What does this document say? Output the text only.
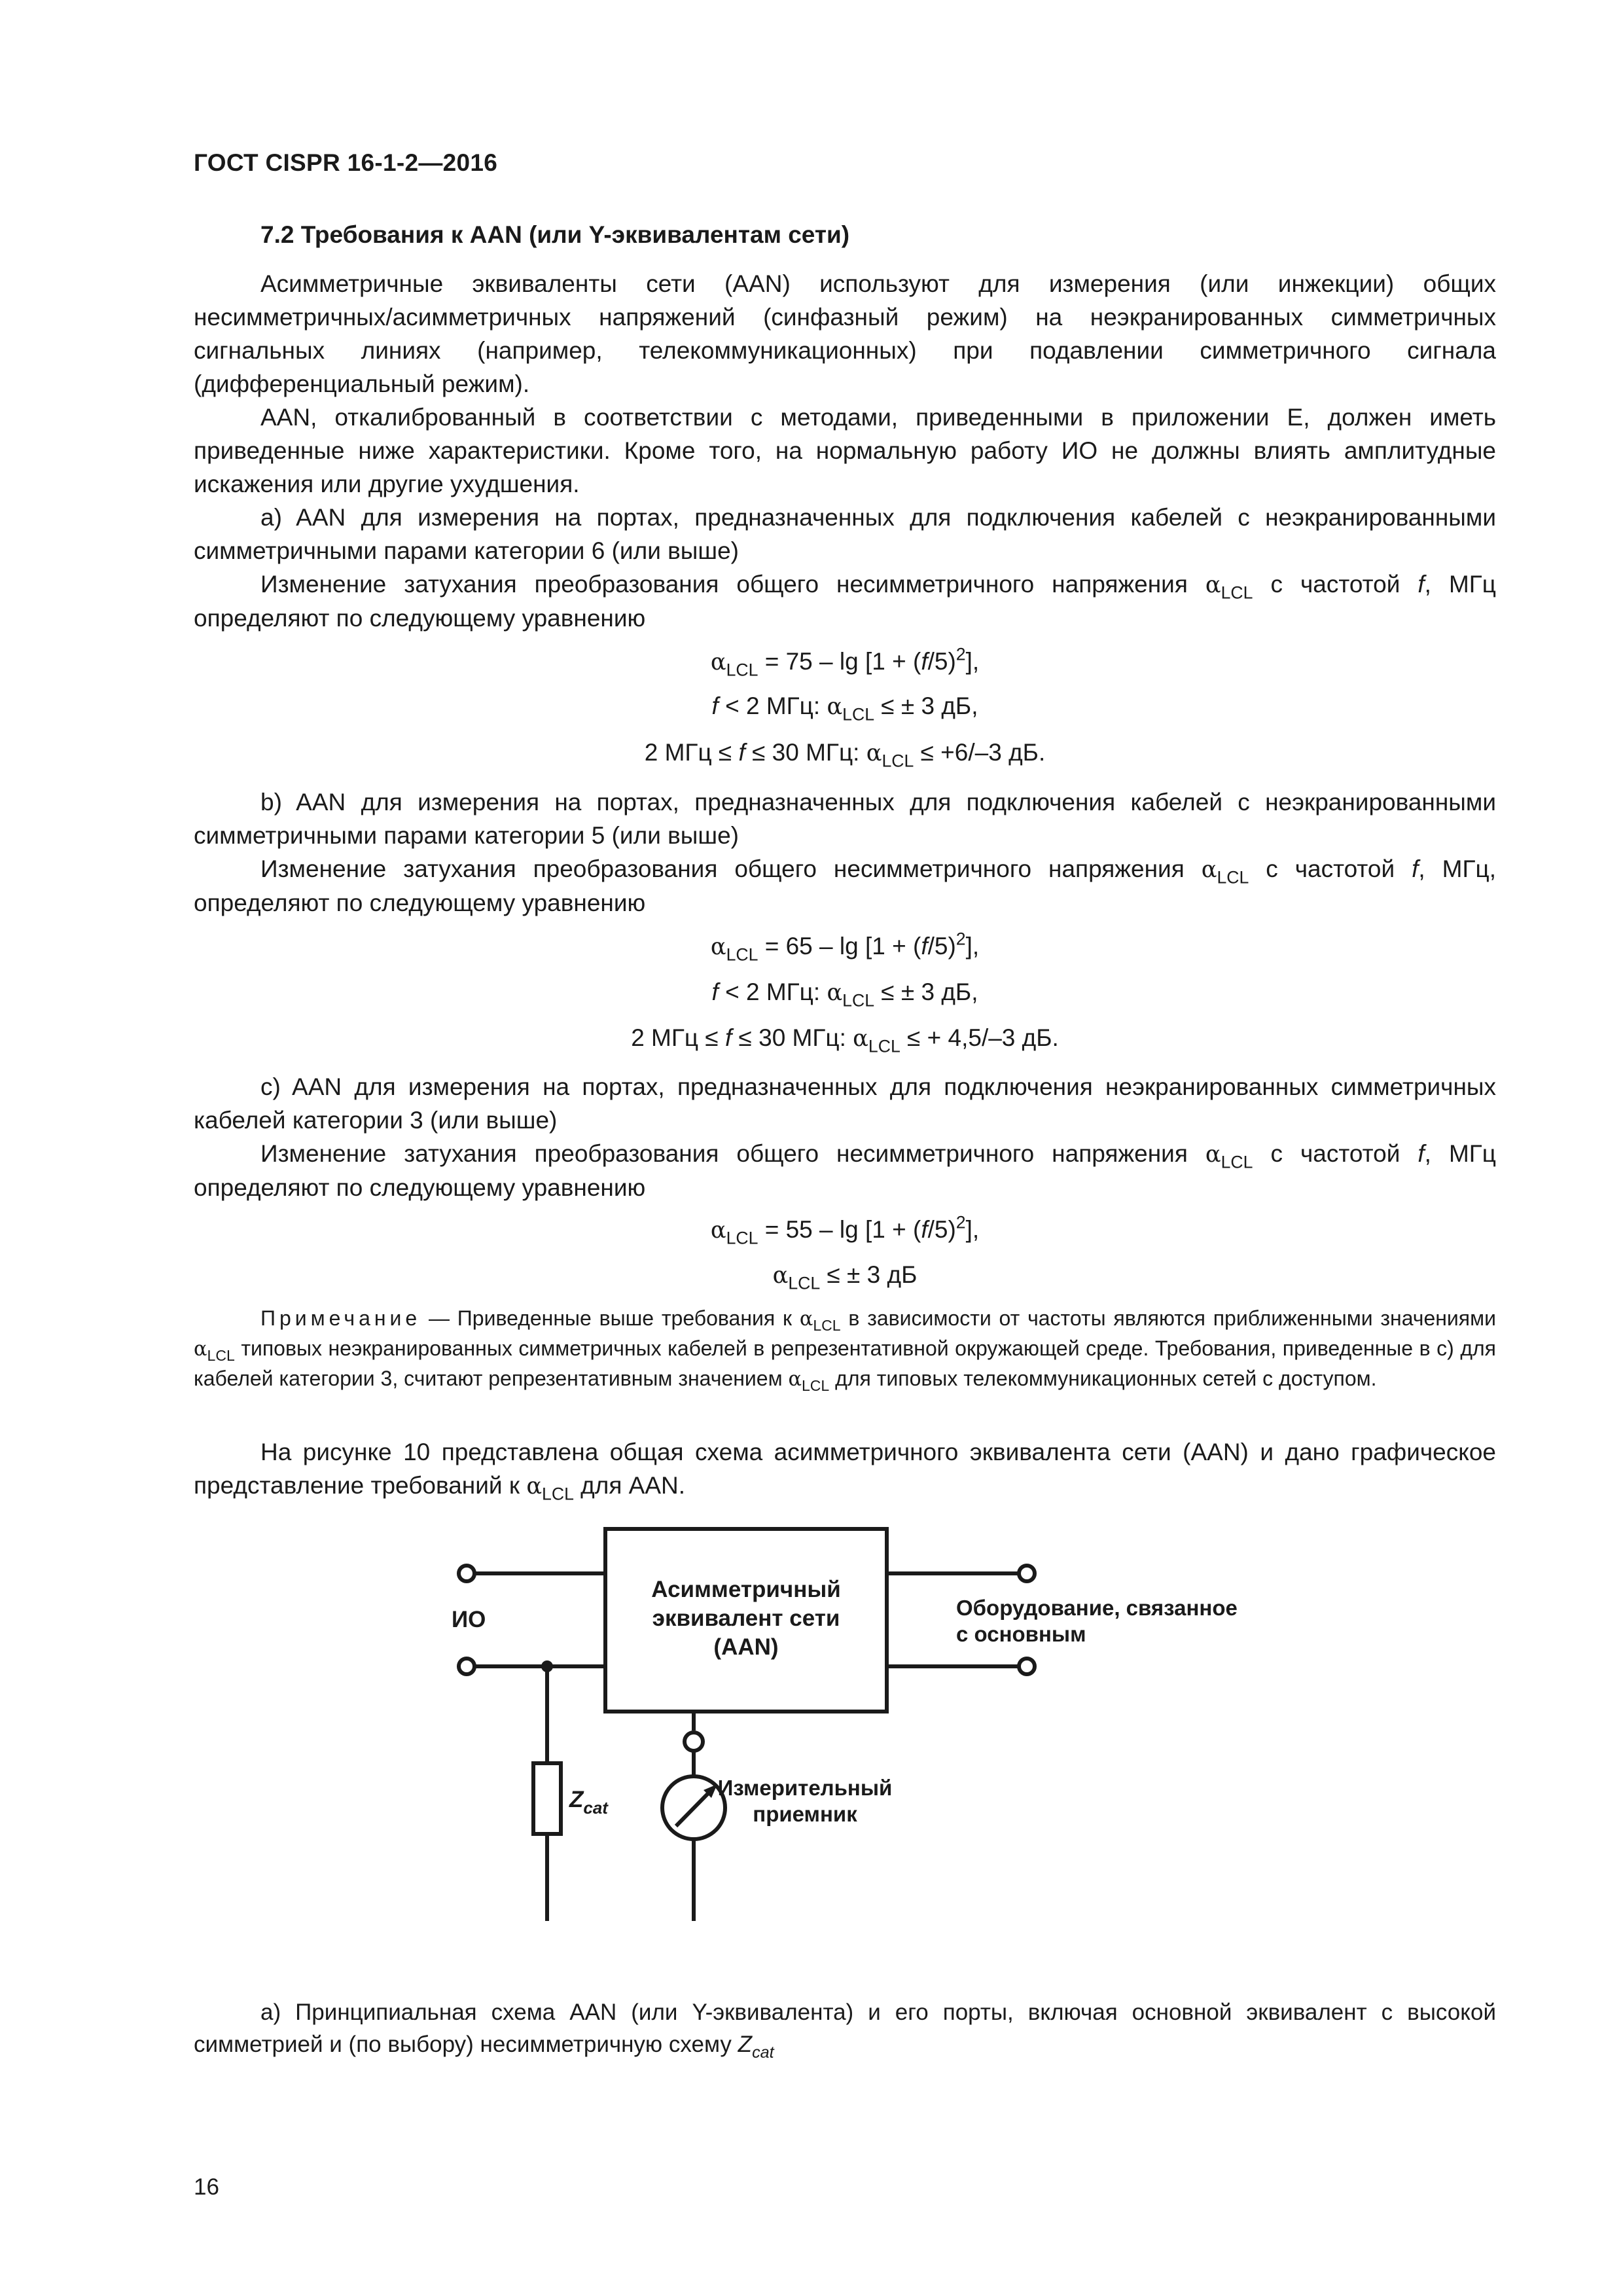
ГОСТ CISPR 16-1-2—2016
7.2 Требования к AAN (или Y-эквивалентам сети)

Асимметричные эквиваленты сети (AAN) используют для измерения (или инжекции) общих несимметричных/асимметричных напряжений (синфазный режим) на неэкранированных симметричных сигнальных линиях (например, телекоммуникационных) при подавлении симметричного сигнала (дифференциальный режим).

AAN, откалиброванный в соответствии с методами, приведенными в приложении Е, должен иметь приведенные ниже характеристики. Кроме того, на нормальную работу ИО не должны влиять амплитудные искажения или другие ухудшения.

a) AAN для измерения на портах, предназначенных для подключения кабелей с неэкранированными симметричными парами категории 6 (или выше)

Изменение затухания преобразования общего несимметричного напряжения $\alpha_{LCL}$ с частотой f, МГц определяют по следующему уравнению

$\alpha_{LCL} = 75 - \lg [1 + (f/5)^2]$,
f < 2 МГц: $\alpha_{LCL}$ ≤ ± 3 дБ,
2 МГц ≤ f ≤ 30 МГц: $\alpha_{LCL} \le +6/-3$ дБ.

b) AAN для измерения на портах, предназначенных для подключения кабелей с неэкранированными симметричными парами категории 5 (или выше)

Изменение затухания преобразования общего несимметричного напряжения $\alpha_{LCL}$ с частотой f, МГц, определяют по следующему уравнению

$\alpha_{LCL} = 65 - \lg [1 + (f/5)^2]$,
f < 2 МГц: $\alpha_{LCL}$ ≤ ± 3 дБ,
2 МГц ≤ f ≤ 30 МГц: $\alpha_{LCL}$ ≤ + 4,5/–3 дБ.

c) AAN для измерения на портах, предназначенных для подключения неэкранированных симметричных кабелей категории 3 (или выше)

Изменение затухания преобразования общего несимметричного напряжения $\alpha_{LCL}$ с частотой f, МГц определяют по следующему уравнению

$\alpha_{LCL} = 55 - \lg [1 + (f/5)^2]$,
$\alpha_{LCL}$ ≤ ± 3 дБ

Примечание — Приведенные выше требования к $\alpha_{LCL}$ в зависимости от частоты являются приближенными значениями $\alpha_{LCL}$ типовых неэкранированных симметричных кабелей в репрезентативной окружающей среде. Требования, приведенные в c) для кабелей категории 3, считают репрезентативным значением $\alpha_{LCL}$ для типовых телекоммуникационных сетей с доступом.

На рисунке 10 представлена общая схема асимметричного эквивалента сети (AAN) и дано графическое представление требований к $\alpha_{LCL}$ для AAN.

Асимметричный
эквивалент сети
(AAN)
ИО	Оборудование, связанное
с основным
$Z_{cat}$
Измерительный
приемник

a) Принципиальная схема AAN (или Y-эквивалента) и его порты, включая основной эквивалент с высокой симметрией и (по выбору) несимметричную схему $Z_{cat}$

16
